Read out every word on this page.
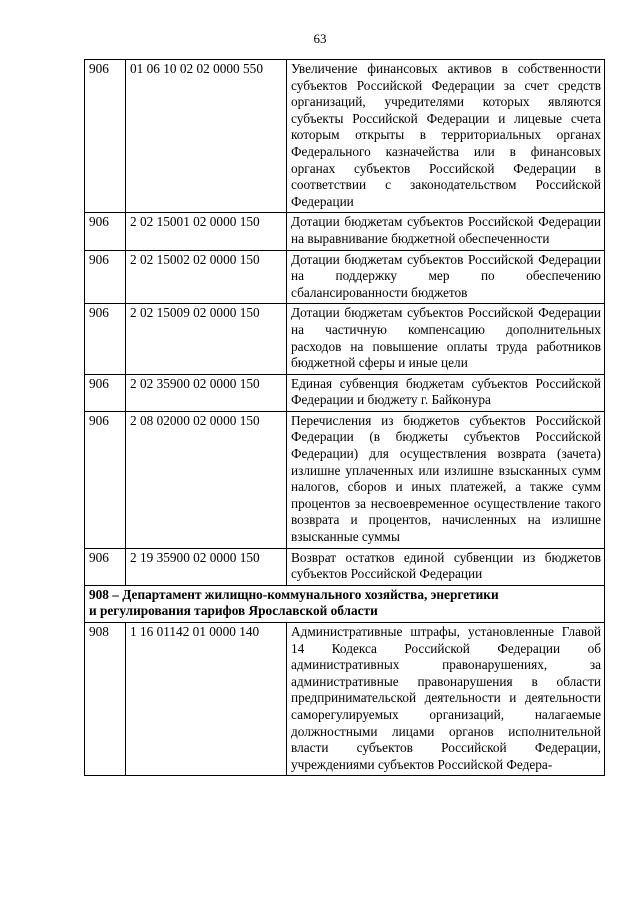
63
906	01 06 10 02 02 0000 550	Увеличение финансовых активов в собственности субъектов Российской Федерации за счет средств организаций, учредителями которых являются субъекты Российской Федерации и лицевые счета которым открыты в территориальных органах Федерального казначейства или в финансовых органах субъектов Российской Федерации в соответствии с законодательством Российской Федерации
906	2 02 15001 02 0000 150	Дотации бюджетам субъектов Российской Федерации на выравнивание бюджетной обеспеченности
906	2 02 15002 02 0000 150	Дотации бюджетам субъектов Российской Федерации на поддержку мер по обеспечению сбалансированности бюджетов
906	2 02 15009 02 0000 150	Дотации бюджетам субъектов Российской Федерации на частичную компенсацию дополнительных расходов на повышение оплаты труда работников бюджетной сферы и иные цели
906	2 02 35900 02 0000 150	Единая субвенция бюджетам субъектов Российской Федерации и бюджету г. Байконура
906	2 08 02000 02 0000 150	Перечисления из бюджетов субъектов Российской Федерации (в бюджеты субъектов Российской Федерации) для осуществления возврата (зачета) излишне уплаченных или излишне взысканных сумм налогов, сборов и иных платежей, а также сумм процентов за несвоевременное осуществление такого возврата и процентов, начисленных на излишне взысканные суммы
906	2 19 35900 02 0000 150	Возврат остатков единой субвенции из бюджетов субъектов Российской Федерации

908 – Департамент жилищно-коммунального хозяйства, энергетики
и регулирования тарифов Ярославской области		

908	1 16 01142 01 0000 140	Административные штрафы, установленные Главой 14 Кодекса Российской Федерации об административных правонарушениях, за административные правонарушения в области предпринимательской деятельности и деятельности саморегулируемых организаций, налагаемые должностными лицами органов исполнительной власти субъектов Российской Федерации, учреждениями субъектов Российской Федера-
